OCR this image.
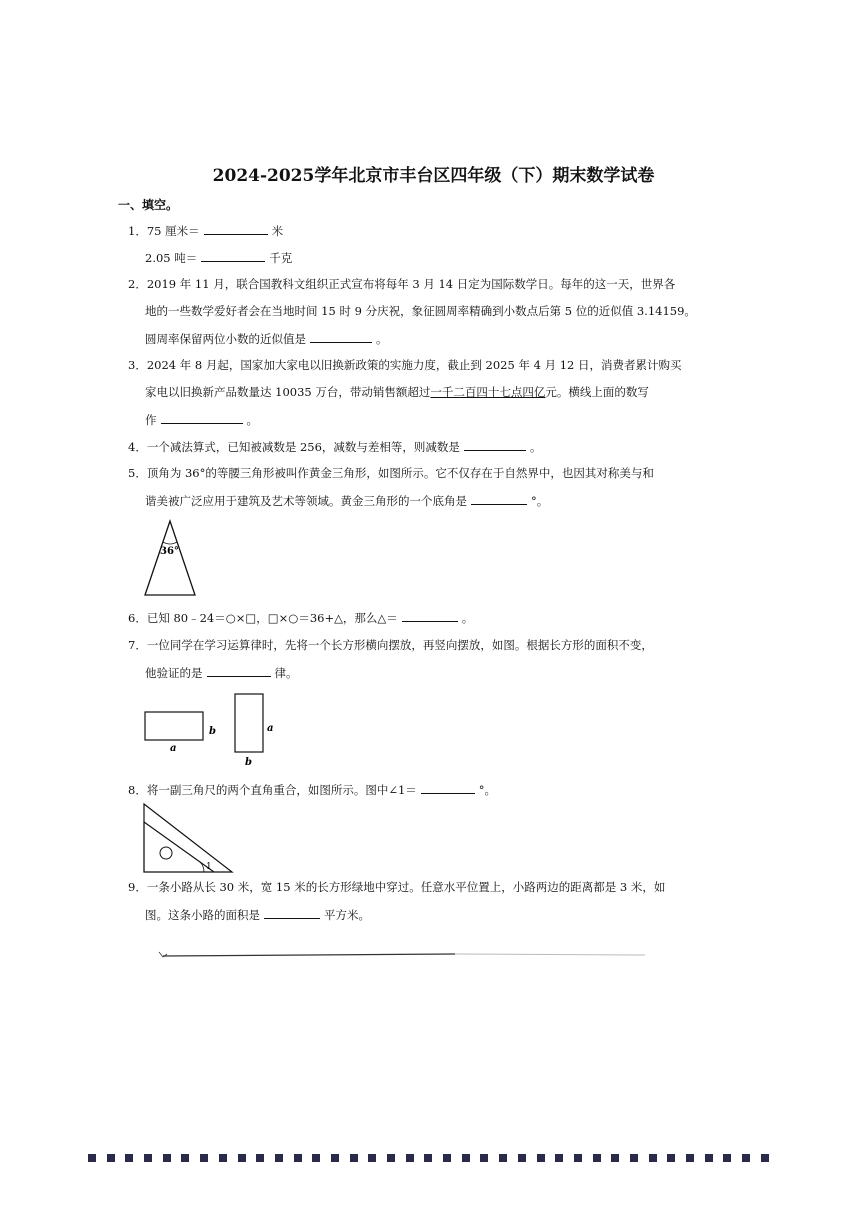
2024-2025学年北京市丰台区四年级（下）期末数学试卷
一、填空。
1．75 厘米＝	米
2.05 吨＝	千克
2．2019 年 11 月，联合国教科文组织正式宣布将每年 3 月 14 日定为国际数学日。每年的这一天，世界各
地的一些数学爱好者会在当地时间 15 时 9 分庆祝，象征圆周率精确到小数点后第 5 位的近似值 3.14159。
圆周率保留两位小数的近似值是	。
3．2024 年 8 月起，国家加大家电以旧换新政策的实施力度，截止到 2025 年 4 月 12 日，消费者累计购买
家电以旧换新产品数量达 10035 万台，带动销售额超过一千二百四十七点四亿元。横线上面的数写
作	。
4．一个减法算式，已知被减数是 256，减数与差相等，则减数是	。
5．顶角为 36°的等腰三角形被叫作黄金三角形，如图所示。它不仅存在于自然界中，也因其对称美与和
谐美被广泛应用于建筑及艺术等领域。黄金三角形的一个底角是	°。
36°
6．已知 80﹣24＝○×□，□×○＝36+△，那么△＝	。
7．一位同学在学习运算律时，先将一个长方形横向摆放，再竖向摆放，如图。根据长方形的面积不变，
他验证的是	律。
b
a
a
b
8．将一副三角尺的两个直角重合，如图所示。图中∠1＝	°。
1
9．一条小路从长 30 米，宽 15 米的长方形绿地中穿过。任意水平位置上，小路两边的距离都是 3 米，如
图。这条小路的面积是	平方米。
